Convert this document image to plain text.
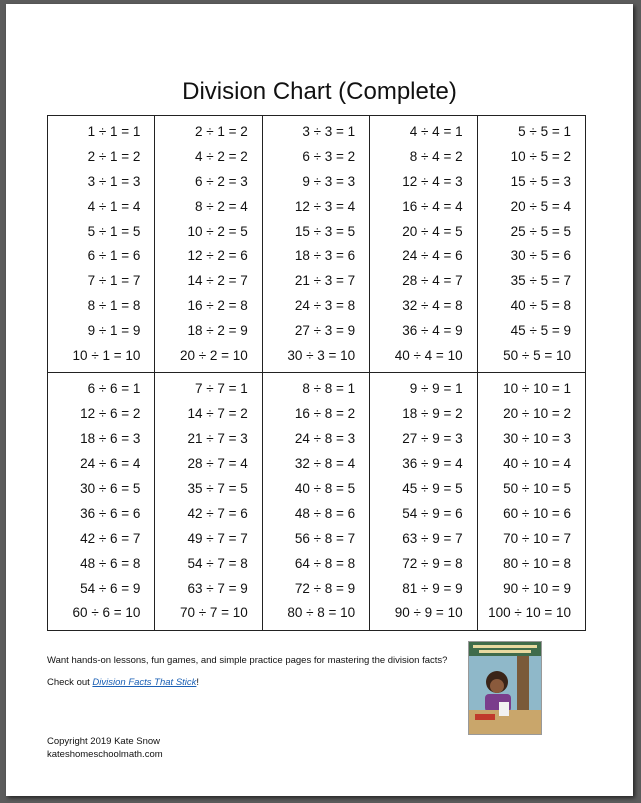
Division Chart (Complete)
1 ÷ 1 = 1
2 ÷ 1 = 2
3 ÷ 1 = 3
4 ÷ 1 = 4
5 ÷ 1 = 5
6 ÷ 1 = 6
7 ÷ 1 = 7
8 ÷ 1 = 8
9 ÷ 1 = 9
10 ÷ 1 = 10
2 ÷ 1 = 2
4 ÷ 2 = 2
6 ÷ 2 = 3
8 ÷ 2 = 4
10 ÷ 2 = 5
12 ÷ 2 = 6
14 ÷ 2 = 7
16 ÷ 2 = 8
18 ÷ 2 = 9
20 ÷ 2 = 10
3 ÷ 3 = 1
6 ÷ 3 = 2
9 ÷ 3 = 3
12 ÷ 3 = 4
15 ÷ 3 = 5
18 ÷ 3 = 6
21 ÷ 3 = 7
24 ÷ 3 = 8
27 ÷ 3 = 9
30 ÷ 3 = 10
4 ÷ 4 = 1
8 ÷ 4 = 2
12 ÷ 4 = 3
16 ÷ 4 = 4
20 ÷ 4 = 5
24 ÷ 4 = 6
28 ÷ 4 = 7
32 ÷ 4 = 8
36 ÷ 4 = 9
40 ÷ 4 = 10
5 ÷ 5 = 1
10 ÷ 5 = 2
15 ÷ 5 = 3
20 ÷ 5 = 4
25 ÷ 5 = 5
30 ÷ 5 = 6
35 ÷ 5 = 7
40 ÷ 5 = 8
45 ÷ 5 = 9
50 ÷ 5 = 10
6 ÷ 6 = 1
12 ÷ 6 = 2
18 ÷ 6 = 3
24 ÷ 6 = 4
30 ÷ 6 = 5
36 ÷ 6 = 6
42 ÷ 6 = 7
48 ÷ 6 = 8
54 ÷ 6 = 9
60 ÷ 6 = 10
7 ÷ 7 = 1
14 ÷ 7 = 2
21 ÷ 7 = 3
28 ÷ 7 = 4
35 ÷ 7 = 5
42 ÷ 7 = 6
49 ÷ 7 = 7
54 ÷ 7 = 8
63 ÷ 7 = 9
70 ÷ 7 = 10
8 ÷ 8 = 1
16 ÷ 8 = 2
24 ÷ 8 = 3
32 ÷ 8 = 4
40 ÷ 8 = 5
48 ÷ 8 = 6
56 ÷ 8 = 7
64 ÷ 8 = 8
72 ÷ 8 = 9
80 ÷ 8 = 10
9 ÷ 9 = 1
18 ÷ 9 = 2
27 ÷ 9 = 3
36 ÷ 9 = 4
45 ÷ 9 = 5
54 ÷ 9 = 6
63 ÷ 9 = 7
72 ÷ 9 = 8
81 ÷ 9 = 9
90 ÷ 9 = 10
10 ÷ 10 = 1
20 ÷ 10 = 2
30 ÷ 10 = 3
40 ÷ 10 = 4
50 ÷ 10 = 5
60 ÷ 10 = 6
70 ÷ 10 = 7
80 ÷ 10 = 8
90 ÷ 10 = 9
100 ÷ 10 = 10
Want hands-on lessons, fun games, and simple practice pages for mastering the division facts?
Check out Division Facts That Stick!
Copyright 2019 Kate Snow
kateshomeschoolmath.com
